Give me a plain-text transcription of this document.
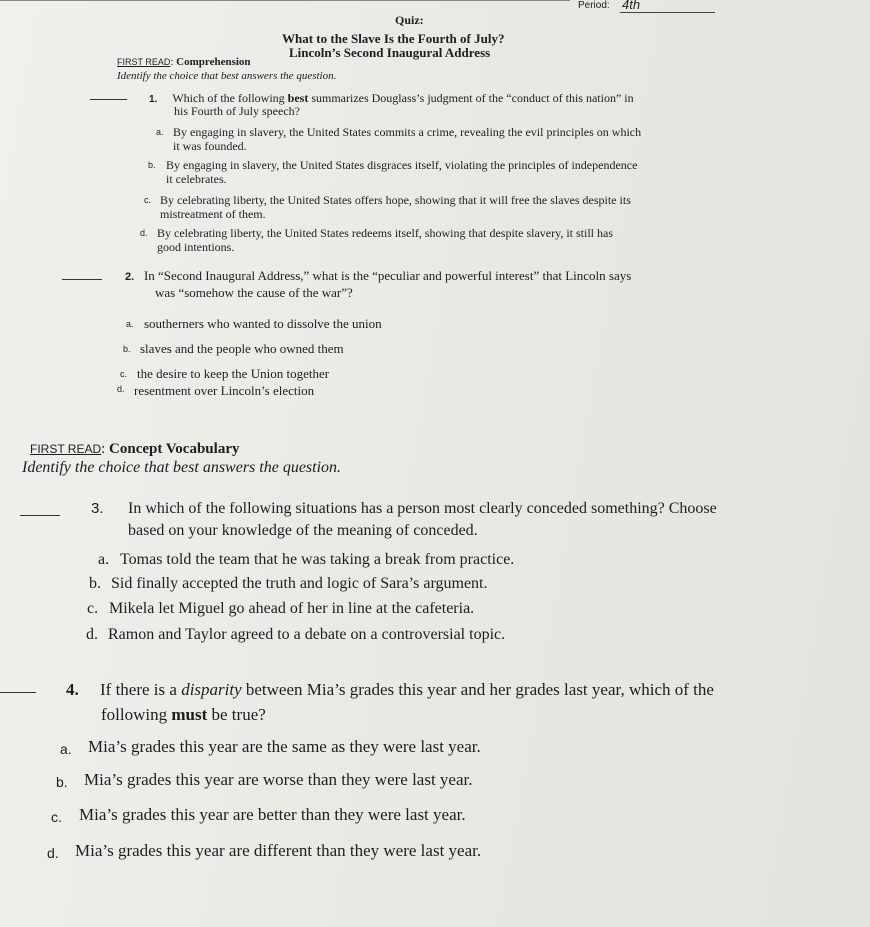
Period: 4th
Quiz:
What to the Slave Is the Fourth of July?
Lincoln’s Second Inaugural Address
FIRST READ: Comprehension
Identify the choice that best answers the question.
1. Which of the following best summarizes Douglass’s judgment of the “conduct of this nation” in
his Fourth of July speech?
a. By engaging in slavery, the United States commits a crime, revealing the evil principles on which
it was founded.
b. By engaging in slavery, the United States disgraces itself, violating the principles of independence
it celebrates.
c. By celebrating liberty, the United States offers hope, showing that it will free the slaves despite its
mistreatment of them.
d. By celebrating liberty, the United States redeems itself, showing that despite slavery, it still has
good intentions.
2. In “Second Inaugural Address,” what is the “peculiar and powerful interest” that Lincoln says
was “somehow the cause of the war”?
a. southerners who wanted to dissolve the union
b. slaves and the people who owned them
c. the desire to keep the Union together
d. resentment over Lincoln’s election
FIRST READ: Concept Vocabulary
Identify the choice that best answers the question.
3. In which of the following situations has a person most clearly conceded something? Choose
based on your knowledge of the meaning of conceded.
a. Tomas told the team that he was taking a break from practice.
b. Sid finally accepted the truth and logic of Sara’s argument.
c. Mikela let Miguel go ahead of her in line at the cafeteria.
d. Ramon and Taylor agreed to a debate on a controversial topic.
4. If there is a disparity between Mia’s grades this year and her grades last year, which of the
following must be true?
a. Mia’s grades this year are the same as they were last year.
b. Mia’s grades this year are worse than they were last year.
c. Mia’s grades this year are better than they were last year.
d. Mia’s grades this year are different than they were last year.
